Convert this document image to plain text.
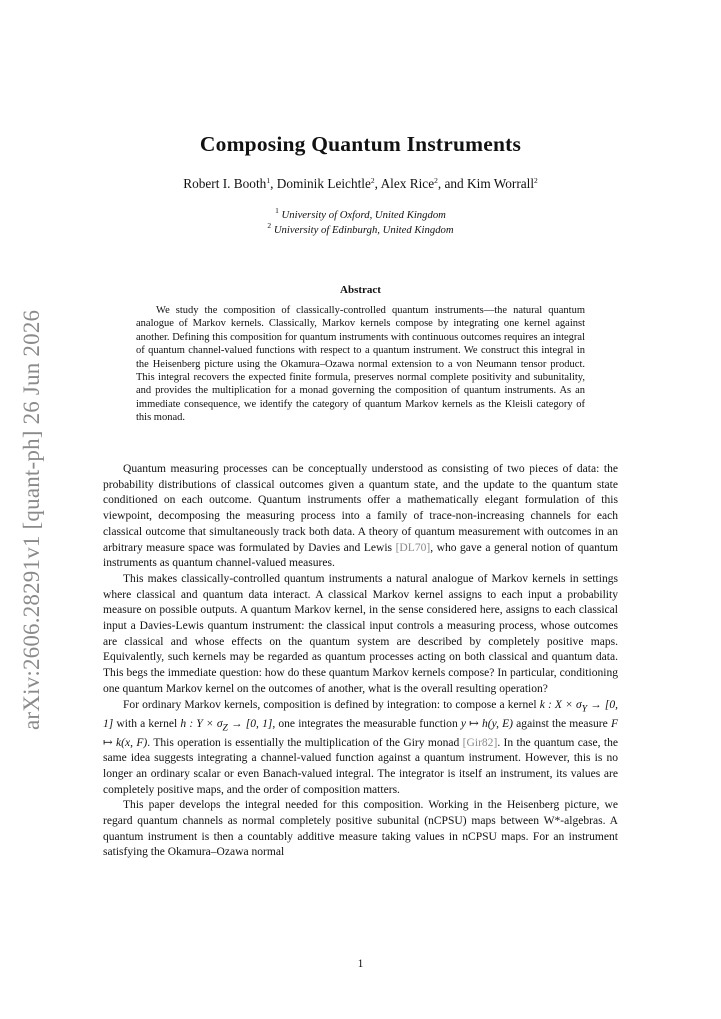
arXiv:2606.28291v1 [quant-ph] 26 Jun 2026
Composing Quantum Instruments
Robert I. Booth$^1$, Dominik Leichtle$^2$, Alex Rice$^2$, and Kim Worrall$^2$
$^1$ University of Oxford, United Kingdom
$^2$ University of Edinburgh, United Kingdom
Abstract

We study the composition of classically-controlled quantum instruments—the natural quantum analogue of Markov kernels. Classically, Markov kernels compose by integrating one kernel against another. Defining this composition for quantum instruments with continuous outcomes requires an integral of quantum channel-valued functions with respect to a quantum instrument. We construct this integral in the Heisenberg picture using the Okamura–Ozawa normal extension to a von Neumann tensor product. This integral recovers the expected finite formula, preserves normal complete positivity and subunitality, and provides the multiplication for a monad governing the composition of quantum instruments. As an immediate consequence, we identify the category of quantum Markov kernels as the Kleisli category of this monad.

Quantum measuring processes can be conceptually understood as consisting of two pieces of data: the probability distributions of classical outcomes given a quantum state, and the update to the quantum state conditioned on each outcome. Quantum instruments offer a mathematically elegant formulation of this viewpoint, decomposing the measuring process into a family of trace-non-increasing channels for each classical outcome that simultaneously track both data. A theory of quantum measurement with outcomes in an arbitrary measure space was formulated by Davies and Lewis [DL70], who gave a general notion of quantum instruments as quantum channel-valued measures.

This makes classically-controlled quantum instruments a natural analogue of Markov kernels in settings where classical and quantum data interact. A classical Markov kernel assigns to each input a probability measure on possible outputs. A quantum Markov kernel, in the sense considered here, assigns to each classical input a Davies-Lewis quantum instrument: the classical input controls a measuring process, whose outcomes are classical and whose effects on the quantum system are described by completely positive maps. Equivalently, such kernels may be regarded as quantum processes acting on both classical and quantum data. This begs the immediate question: how do these quantum Markov kernels compose? In particular, conditioning one quantum Markov kernel on the outcomes of another, what is the overall resulting operation?

For ordinary Markov kernels, composition is defined by integration: to compose a kernel k : $X \times \sigma_Y \to [0$, 1] with a kernel h : $Y \times \sigma_Z \to [0$, 1], one integrates the measurable function y ↦ h(y, E) against the measure F ↦ k(x, F). This operation is essentially the multiplication of the Giry monad [Gir82]. In the quantum case, the same idea suggests integrating a channel-valued function against a quantum instrument. However, this is no longer an ordinary scalar or even Banach-valued integral. The integrator is itself an instrument, its values are completely positive maps, and the order of composition matters.

This paper develops the integral needed for this composition. Working in the Heisenberg picture, we regard quantum channels as normal completely positive subunital (nCPSU) maps between W*-algebras. A quantum instrument is then a countably additive measure taking values in nCPSU maps. For an instrument satisfying the Okamura–Ozawa normal

1
